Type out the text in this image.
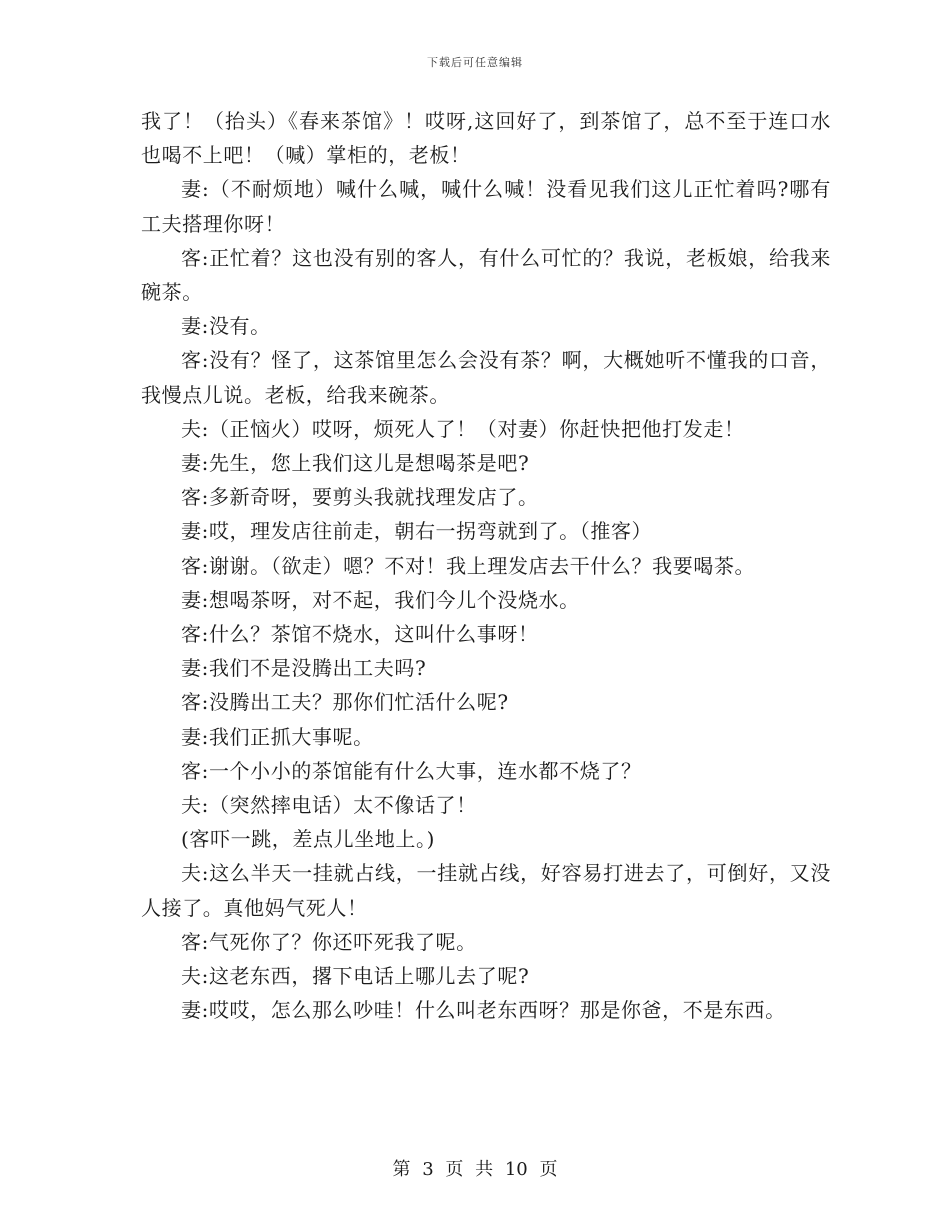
下载后可任意编辑

我了！（抬头）《春来茶馆》！哎呀,这回好了，到茶馆了，总不至于连口水也喝不上吧！（喊）掌柜的，老板！

妻:（不耐烦地）喊什么喊，喊什么喊！没看见我们这儿正忙着吗?哪有工夫搭理你呀！

客:正忙着？这也没有别的客人，有什么可忙的？我说，老板娘，给我来碗茶。

妻:没有。

客:没有？怪了，这茶馆里怎么会没有茶？啊，大概她听不懂我的口音，我慢点儿说。老板，给我来碗茶。

夫:（正恼火）哎呀，烦死人了！（对妻）你赶快把他打发走！

妻:先生，您上我们这儿是想喝茶是吧?

客:多新奇呀，要剪头我就找理发店了。

妻:哎，理发店往前走，朝右一拐弯就到了。（推客）

客:谢谢。（欲走）嗯？不对！我上理发店去干什么？我要喝茶。

妻:想喝茶呀，对不起，我们今儿个没烧水。

客:什么？茶馆不烧水，这叫什么事呀！

妻:我们不是没腾出工夫吗?

客:没腾出工夫？那你们忙活什么呢?

妻:我们正抓大事呢。

客:一个小小的茶馆能有什么大事，连水都不烧了？

夫:（突然摔电话）太不像话了！

(客吓一跳，差点儿坐地上。)

夫:这么半天一挂就占线，一挂就占线，好容易打进去了，可倒好，又没人接了。真他妈气死人！

客:气死你了？你还吓死我了呢。

夫:这老东西，撂下电话上哪儿去了呢?

妻:哎哎，怎么那么吵哇！什么叫老东西呀？那是你爸，不是东西。

第 3 页 共 10 页
